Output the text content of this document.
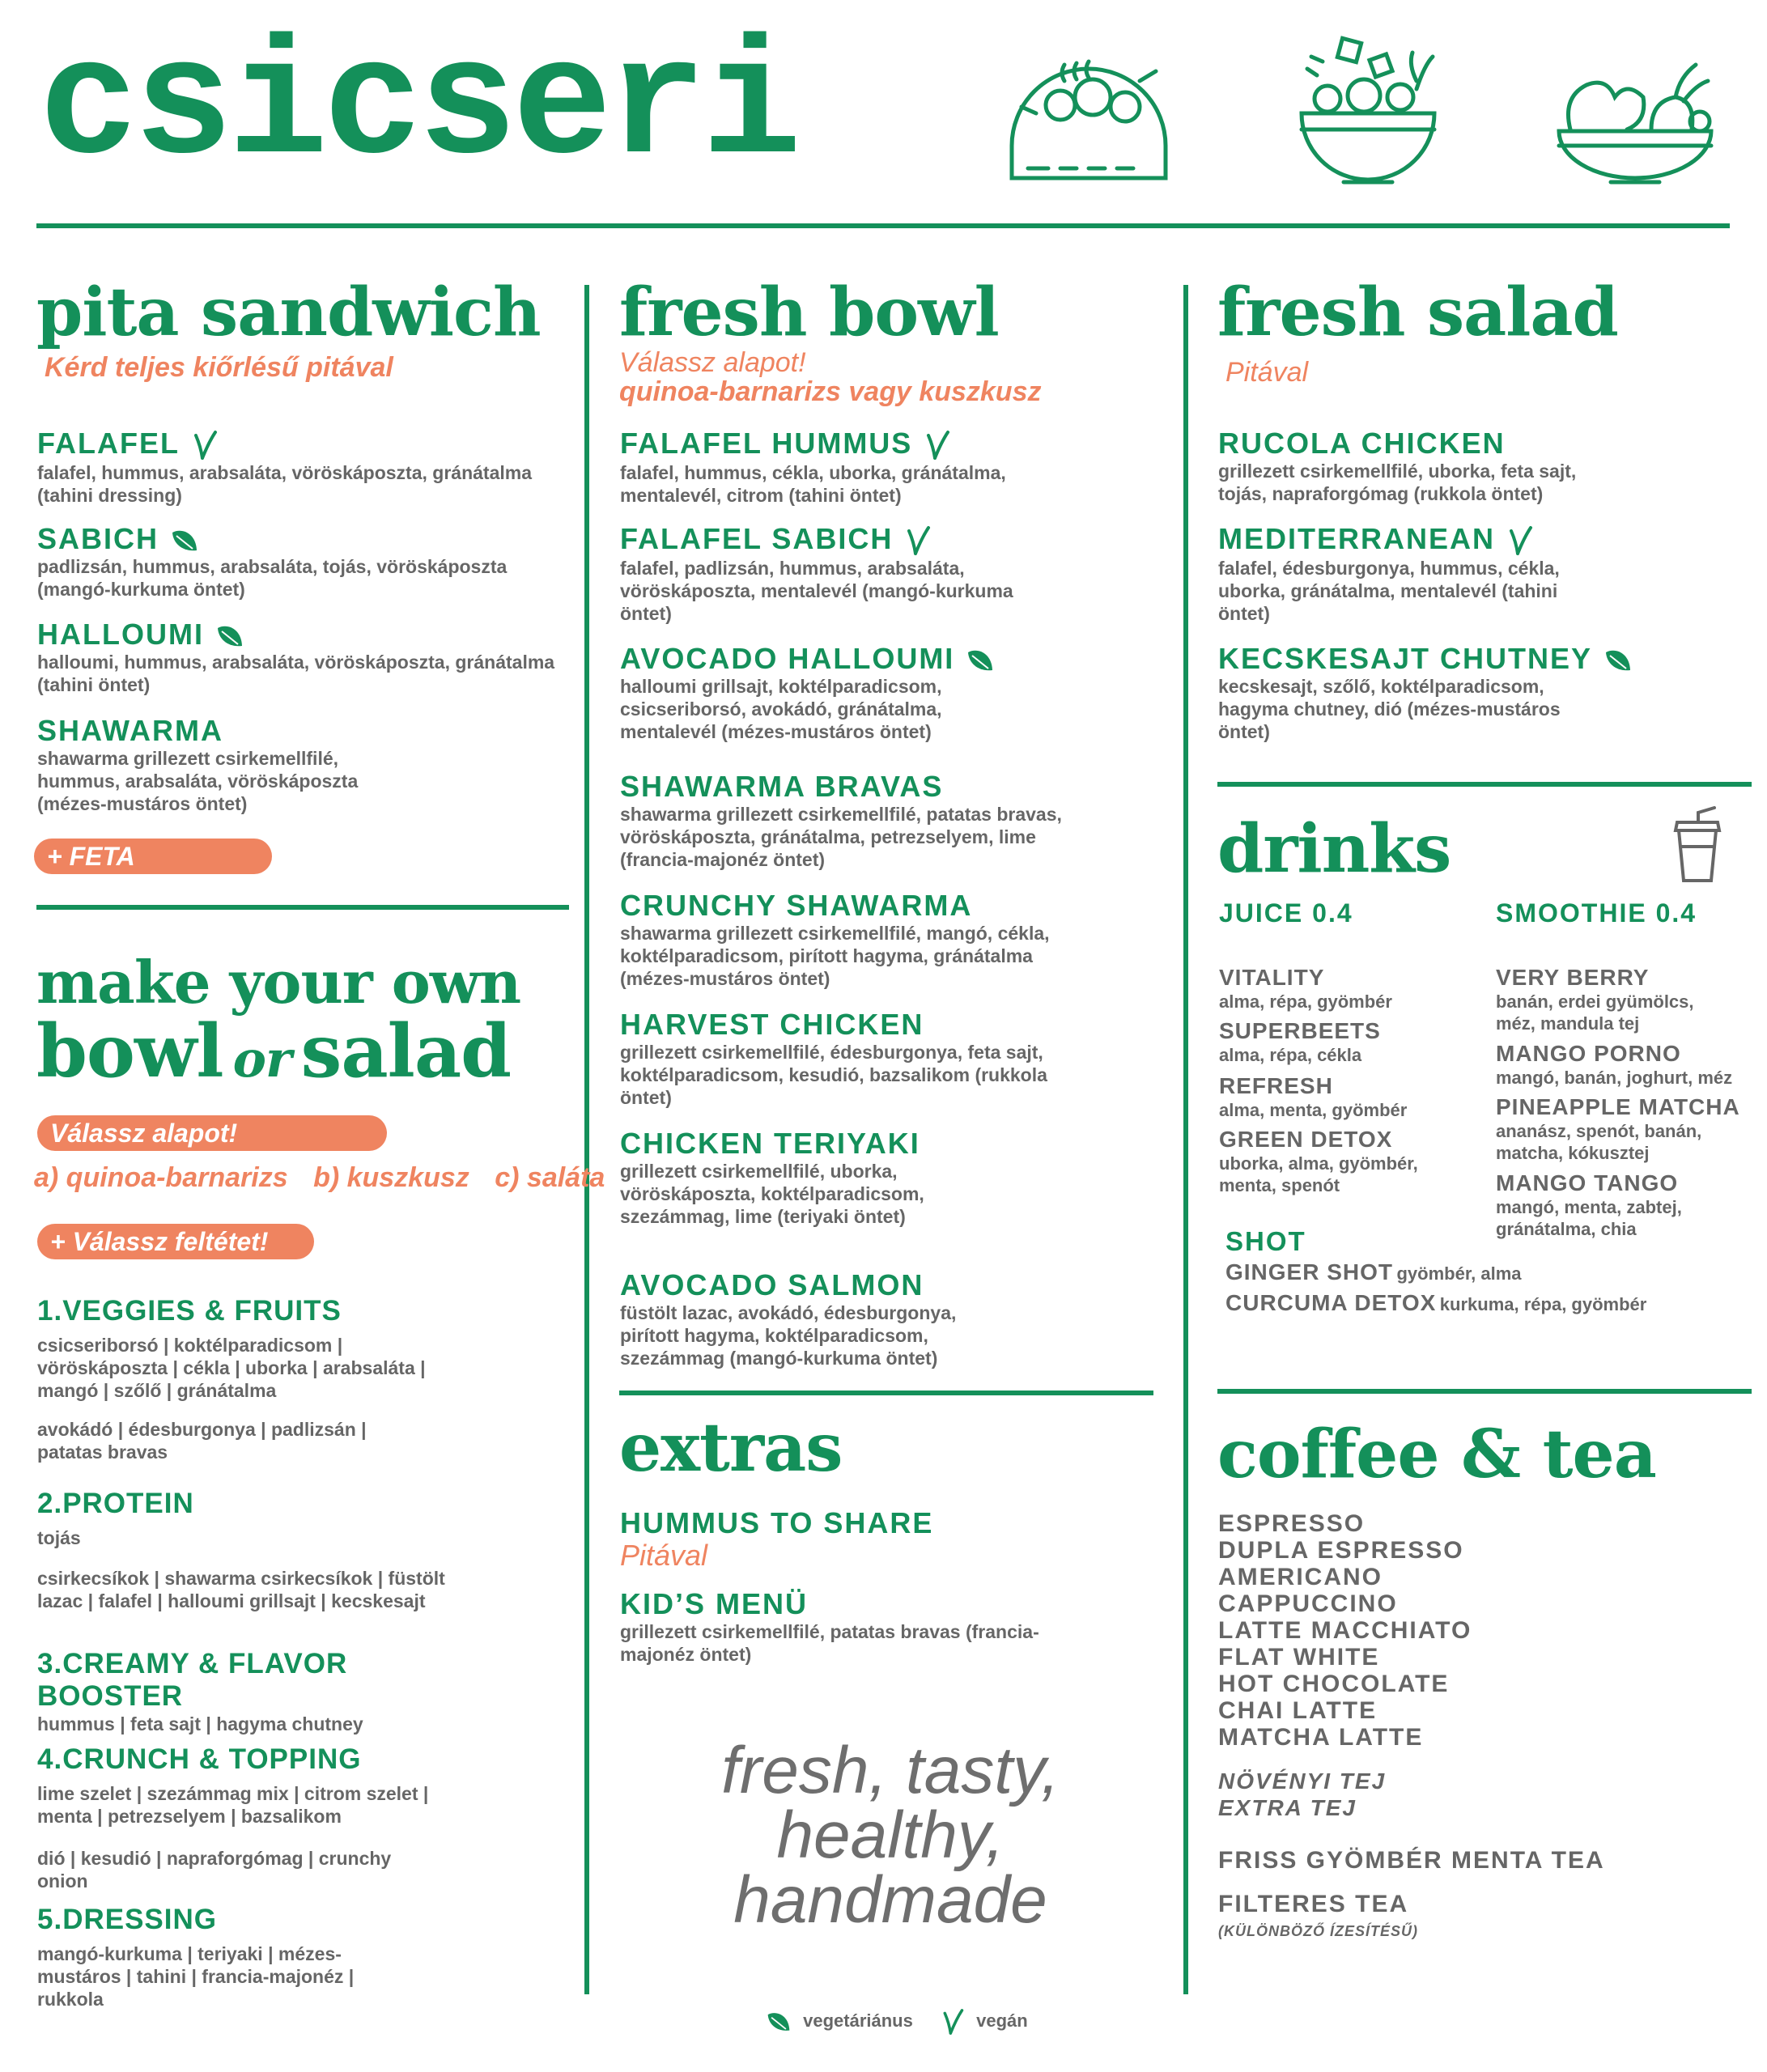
csicseri
pita sandwich
Kérd teljes kiőrlésű pitával
FALAFEL
falafel, hummus, arabsaláta, vöröskáposzta, gránátalma (tahini dressing)
SABICH
padlizsán, hummus, arabsaláta, tojás, vöröskáposzta (mangó-kurkuma öntet)
HALLOUMI
halloumi, hummus, arabsaláta, vöröskáposzta, gránátalma (tahini öntet)
SHAWARMA
shawarma grillezett csirkemellfilé, hummus, arabsaláta, vöröskáposzta (mézes-mustáros öntet)
+ FETA
make your own
bowl or salad
Válassz alapot!
a) quinoa-barnarizs b) kuszkusz c) saláta
+ Válassz feltétet!
1.VEGGIES & FRUITS
csicseriborsó | koktélparadicsom | vöröskáposzta | cékla | uborka | arabsaláta | mangó | szőlő | gránátalma
avokádó | édesburgonya | padlizsán | patatas bravas
2.PROTEIN
tojás
csirkecsíkok | shawarma csirkecsíkok | füstölt lazac | falafel | halloumi grillsajt | kecskesajt
3.CREAMY & FLAVOR BOOSTER
hummus | feta sajt | hagyma chutney
4.CRUNCH & TOPPING
lime szelet | szezámmag mix | citrom szelet | menta | petrezselyem | bazsalikom
dió | kesudió | napraforgómag | crunchy onion
5.DRESSING
mangó-kurkuma | teriyaki | mézes-mustáros | tahini | francia-majonéz | rukkola
fresh bowl
Válassz alapot!
quinoa-barnarizs vagy kuszkusz
FALAFEL HUMMUS
falafel, hummus, cékla, uborka, gránátalma, mentalevél, citrom (tahini öntet)
FALAFEL SABICH
falafel, padlizsán, hummus, arabsaláta, vöröskáposzta, mentalevél (mangó-kurkuma öntet)
AVOCADO HALLOUMI
halloumi grillsajt, koktélparadicsom, csicseriborsó, avokádó, gránátalma, mentalevél (mézes-mustáros öntet)
SHAWARMA BRAVAS
shawarma grillezett csirkemellfilé, patatas bravas, vöröskáposzta, gránátalma, petrezselyem, lime (francia-majonéz öntet)
CRUNCHY SHAWARMA
shawarma grillezett csirkemellfilé, mangó, cékla, koktélparadicsom, pirított hagyma, gránátalma (mézes-mustáros öntet)
HARVEST CHICKEN
grillezett csirkemellfilé, édesburgonya, feta sajt, koktélparadicsom, kesudió, bazsalikom (rukkola öntet)
CHICKEN TERIYAKI
grillezett csirkemellfilé, uborka, vöröskáposzta, koktélparadicsom, szezámmag, lime (teriyaki öntet)
AVOCADO SALMON
füstölt lazac, avokádó, édesburgonya, pirított hagyma, koktélparadicsom, szezámmag (mangó-kurkuma öntet)
extras
HUMMUS TO SHARE
Pitával
KID’S MENÜ
grillezett csirkemellfilé, patatas bravas (francia-majonéz öntet)
fresh, tasty,
healthy,
handmade
vegetáriánus	vegán
fresh salad
Pitával
RUCOLA CHICKEN
grillezett csirkemellfilé, uborka, feta sajt, tojás, napraforgómag (rukkola öntet)
MEDITERRANEAN
falafel, édesburgonya, hummus, cékla, uborka, gránátalma, mentalevél (tahini öntet)
KECSKESAJT CHUTNEY
kecskesajt, szőlő, koktélparadicsom, hagyma chutney, dió (mézes-mustáros öntet)
drinks
JUICE 0.4	SMOOTHIE 0.4
VITALITY
alma, répa, gyömbér
SUPERBEETS
alma, répa, cékla
REFRESH
alma, menta, gyömbér
GREEN DETOX
uborka, alma, gyömbér, menta, spenót
VERY BERRY
banán, erdei gyümölcs, méz, mandula tej
MANGO PORNO
mangó, banán, joghurt, méz
PINEAPPLE MATCHA
ananász, spenót, banán, matcha, kókusztej
MANGO TANGO
mangó, menta, zabtej, gránátalma, chia
SHOT
GINGER SHOT gyömbér, alma
CURCUMA DETOX kurkuma, répa, gyömbér
coffee & tea
ESPRESSO
DUPLA ESPRESSO
AMERICANO
CAPPUCCINO
LATTE MACCHIATO
FLAT WHITE
HOT CHOCOLATE
CHAI LATTE
MATCHA LATTE
NÖVÉNYI TEJ
EXTRA TEJ
FRISS GYÖMBÉR MENTA TEA
FILTERES TEA
(KÜLÖNBÖZŐ ÍZESÍTÉSŰ)
